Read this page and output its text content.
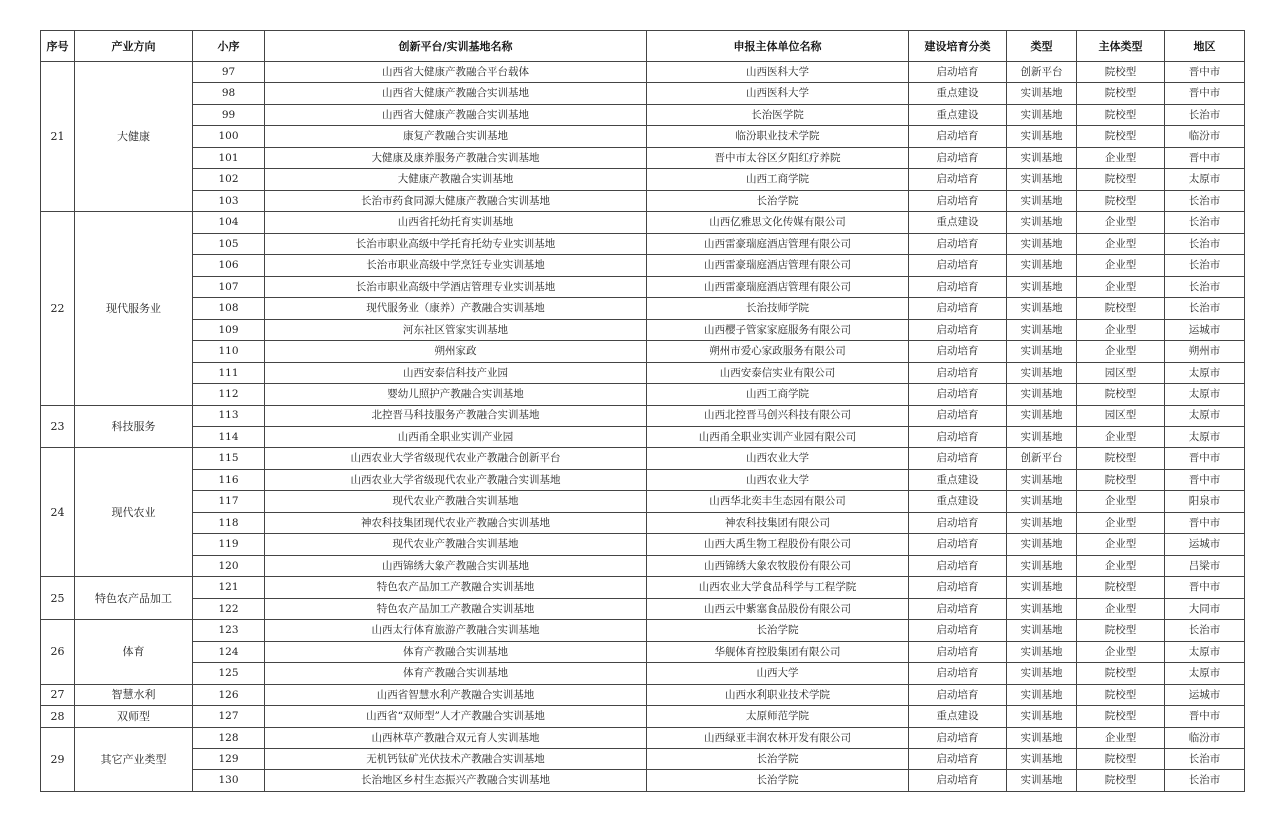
序号	产业方向	小序	创新平台/实训基地名称	申报主体单位名称	建设培育分类	类型	主体类型	地区
21	大健康	97	山西省大健康产教融合平台载体	山西医科大学	启动培育	创新平台	院校型	晋中市
		98	山西省大健康产教融合实训基地	山西医科大学	重点建设	实训基地	院校型	晋中市
		99	山西省大健康产教融合实训基地	长治医学院	重点建设	实训基地	院校型	长治市
		100	康复产教融合实训基地	临汾职业技术学院	启动培育	实训基地	院校型	临汾市
		101	大健康及康养服务产教融合实训基地	晋中市太谷区夕阳红疗养院	启动培育	实训基地	企业型	晋中市
		102	大健康产教融合实训基地	山西工商学院	启动培育	实训基地	院校型	太原市
		103	长治市药食同源大健康产教融合实训基地	长治学院	启动培育	实训基地	院校型	长治市
22	现代服务业	104	山西省托幼托育实训基地	山西亿雅思文化传媒有限公司	重点建设	实训基地	企业型	长治市
		105	长治市职业高级中学托育托幼专业实训基地	山西雷豪瑞庭酒店管理有限公司	启动培育	实训基地	企业型	长治市
		106	长治市职业高级中学烹饪专业实训基地	山西雷豪瑞庭酒店管理有限公司	启动培育	实训基地	企业型	长治市
		107	长治市职业高级中学酒店管理专业实训基地	山西雷豪瑞庭酒店管理有限公司	启动培育	实训基地	企业型	长治市
		108	现代服务业（康养）产教融合实训基地	长治技师学院	启动培育	实训基地	院校型	长治市
		109	河东社区管家实训基地	山西樱子管家家庭服务有限公司	启动培育	实训基地	企业型	运城市
		110	朔州家政	朔州市爱心家政服务有限公司	启动培育	实训基地	企业型	朔州市
		111	山西安泰信科技产业园	山西安泰信实业有限公司	启动培育	实训基地	园区型	太原市
		112	婴幼儿照护产教融合实训基地	山西工商学院	启动培育	实训基地	院校型	太原市
23	科技服务	113	北控晋马科技服务产教融合实训基地	山西北控晋马创兴科技有限公司	启动培育	实训基地	园区型	太原市
		114	山西甬全职业实训产业园	山西甬全职业实训产业园有限公司	启动培育	实训基地	企业型	太原市
24	现代农业	115	山西农业大学省级现代农业产教融合创新平台	山西农业大学	启动培育	创新平台	院校型	晋中市
		116	山西农业大学省级现代农业产教融合实训基地	山西农业大学	重点建设	实训基地	院校型	晋中市
		117	现代农业产教融合实训基地	山西华北奕丰生态园有限公司	重点建设	实训基地	企业型	阳泉市
		118	神农科技集团现代农业产教融合实训基地	神农科技集团有限公司	启动培育	实训基地	企业型	晋中市
		119	现代农业产教融合实训基地	山西大禹生物工程股份有限公司	启动培育	实训基地	企业型	运城市
		120	山西锦绣大象产教融合实训基地	山西锦绣大象农牧股份有限公司	启动培育	实训基地	企业型	吕梁市
25	特色农产品加工	121	特色农产品加工产教融合实训基地	山西农业大学食品科学与工程学院	启动培育	实训基地	院校型	晋中市
		122	特色农产品加工产教融合实训基地	山西云中紫塞食品股份有限公司	启动培育	实训基地	企业型	大同市
26	体育	123	山西太行体育旅游产教融合实训基地	长治学院	启动培育	实训基地	院校型	长治市
		124	体育产教融合实训基地	华舰体育控股集团有限公司	启动培育	实训基地	企业型	太原市
		125	体育产教融合实训基地	山西大学	启动培育	实训基地	院校型	太原市
27	智慧水利	126	山西省智慧水利产教融合实训基地	山西水利职业技术学院	启动培育	实训基地	院校型	运城市
28	双师型	127	山西省“双师型”人才产教融合实训基地	太原师范学院	重点建设	实训基地	院校型	晋中市
29	其它产业类型	128	山西林草产教融合双元育人实训基地	山西绿亚丰润农林开发有限公司	启动培育	实训基地	企业型	临汾市
		129	无机钙钛矿光伏技术产教融合实训基地	长治学院	启动培育	实训基地	院校型	长治市
		130	长治地区乡村生态振兴产教融合实训基地	长治学院	启动培育	实训基地	院校型	长治市
